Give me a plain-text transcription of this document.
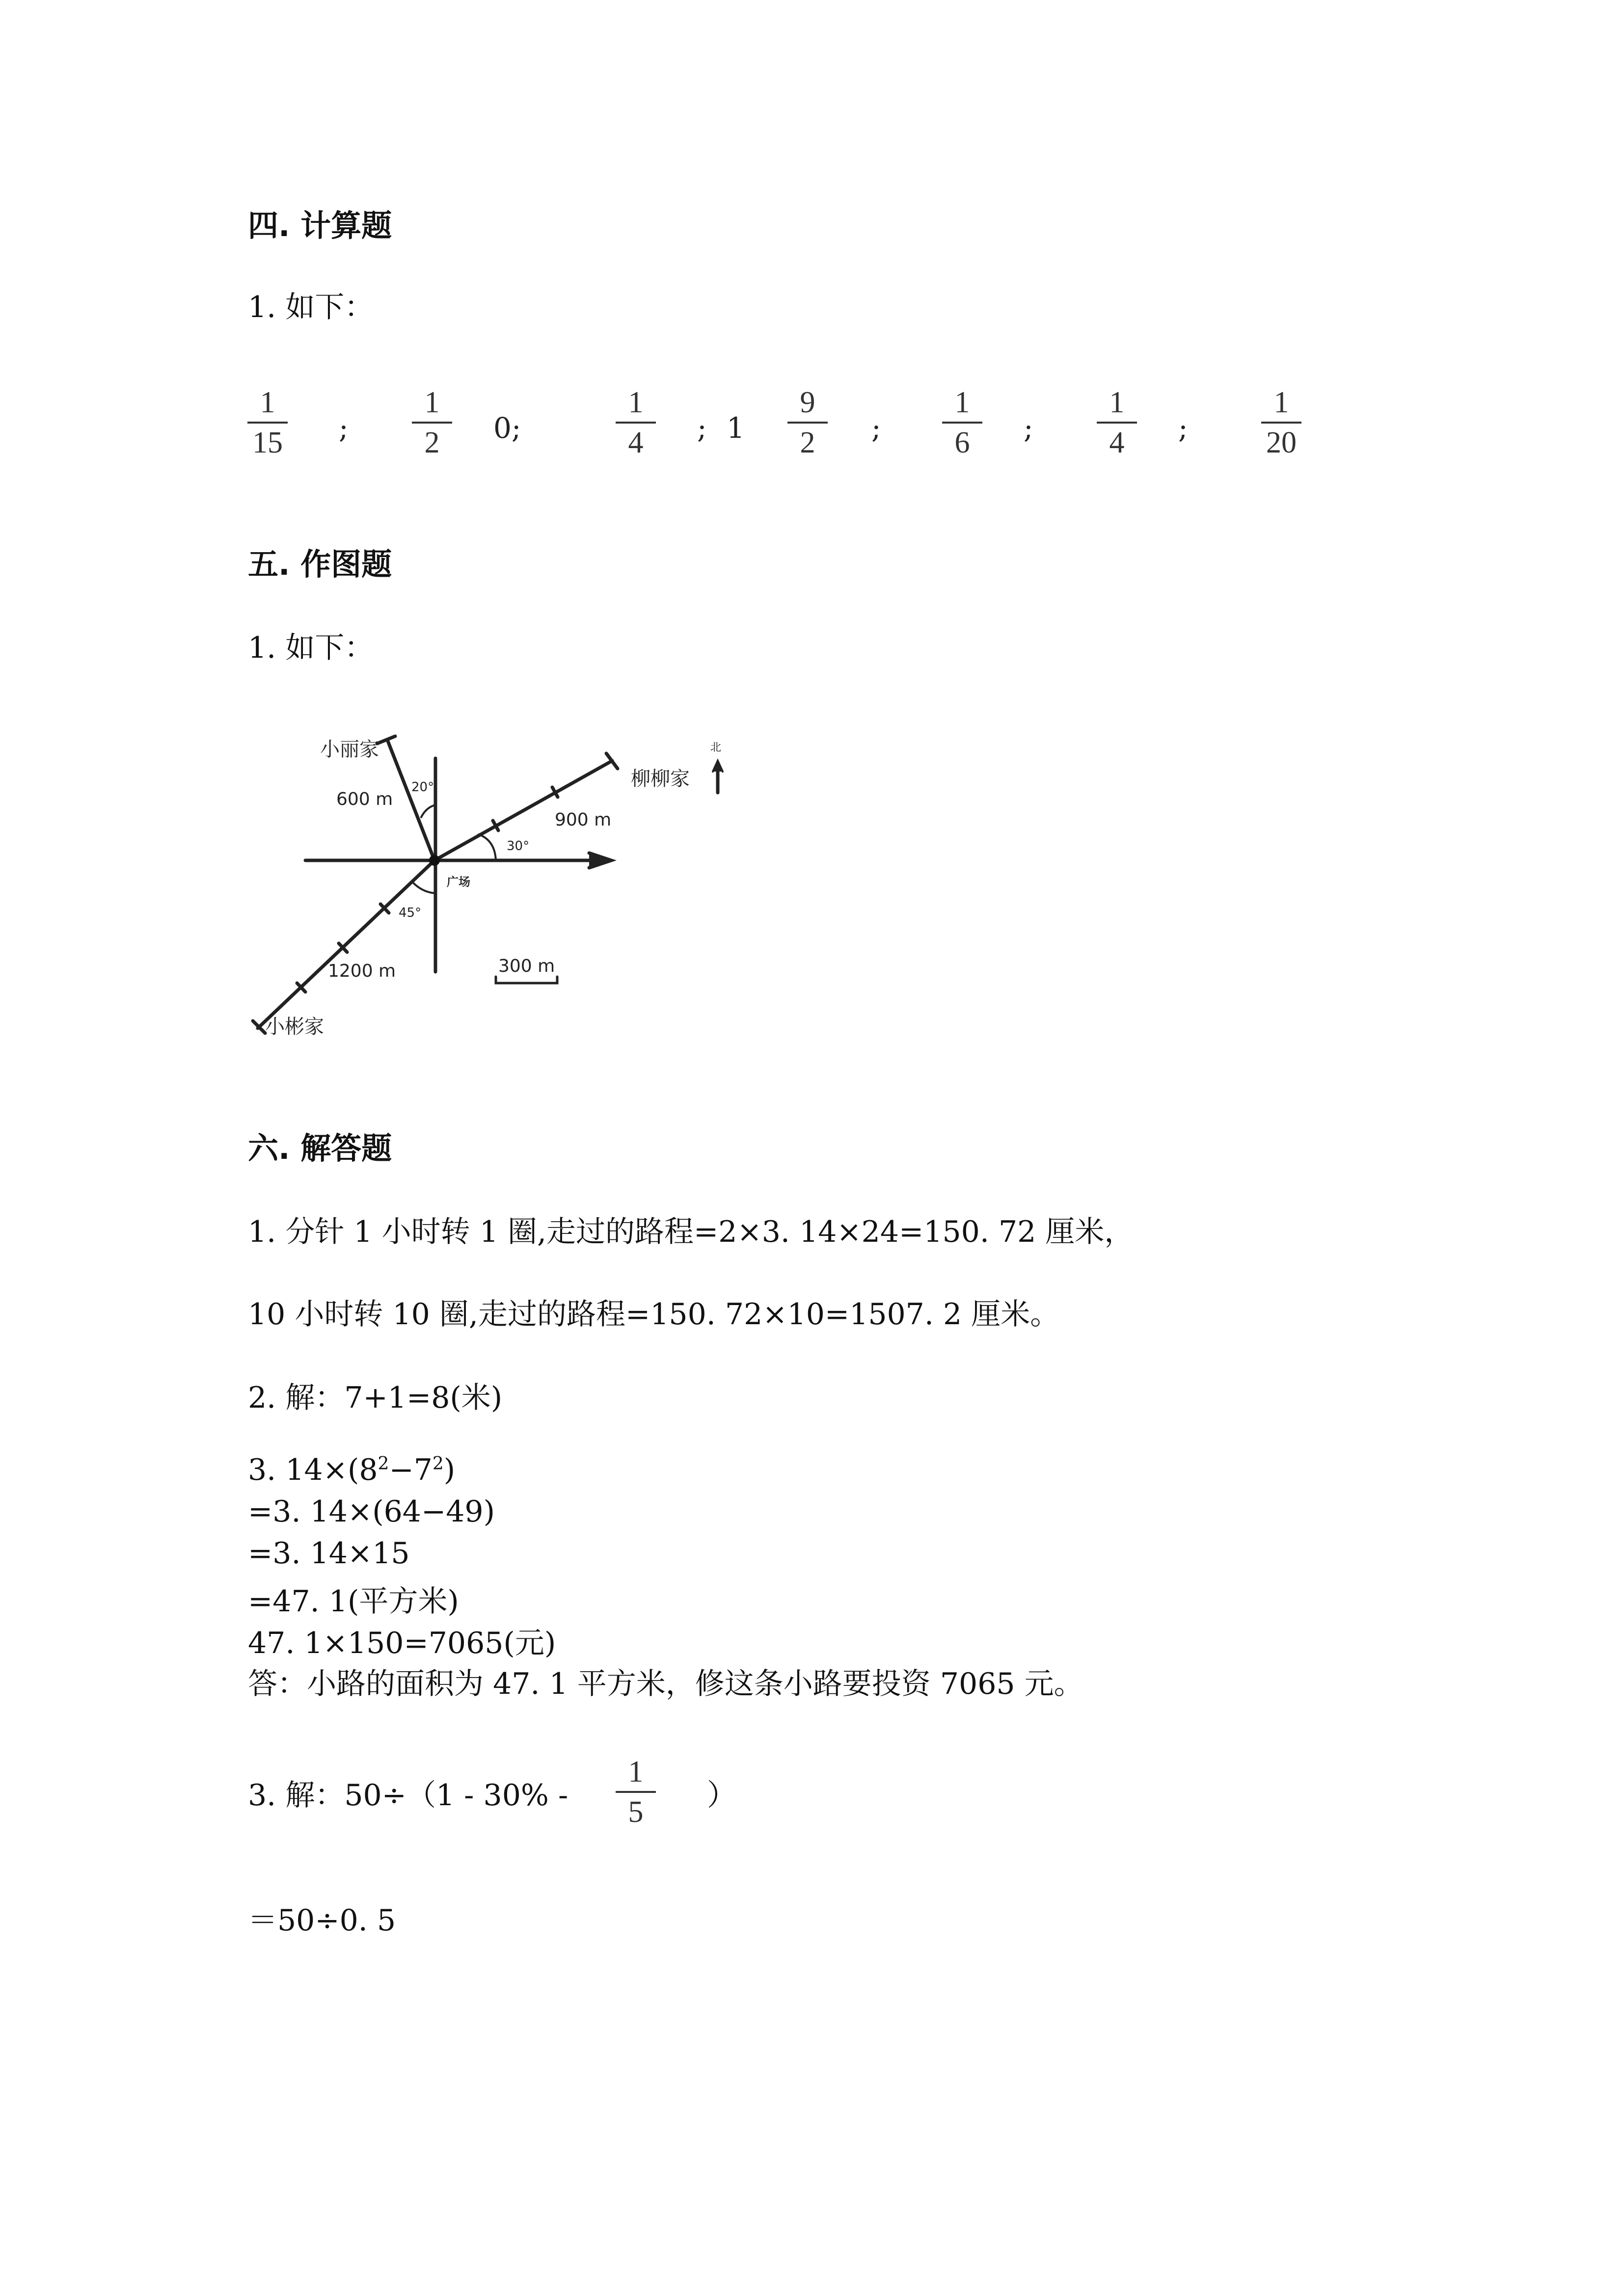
四. 计算题
1. 如下：
1
15	;
1
2	0;
1
4	; 1
9
2	;
1
6	;
1
4	;
1
20
五. 作图题
1. 如下：
小丽家
柳柳家
小彬家
广场
北
600 m
900 m
1200 m
20°
30°
45°
300 m
六. 解答题
1. 分针 1 小时转 1 圈,走过的路程=2×3. 14×24=150. 72 厘米，
10 小时转 10 圈,走过的路程=150. 72×10=1507. 2 厘米。
2. 解：7+1=8(米)
3. $14\times(8^2-7^2)$
=3. 14×(64−49)
=3. 14×15
=47. 1(平方米)
47. 1×150=7065(元)
答：小路的面积为 47. 1 平方米，修这条小路要投资 7065 元。
3. 解：50÷（1 - 30% -
1
5	）
＝50÷0. 5
